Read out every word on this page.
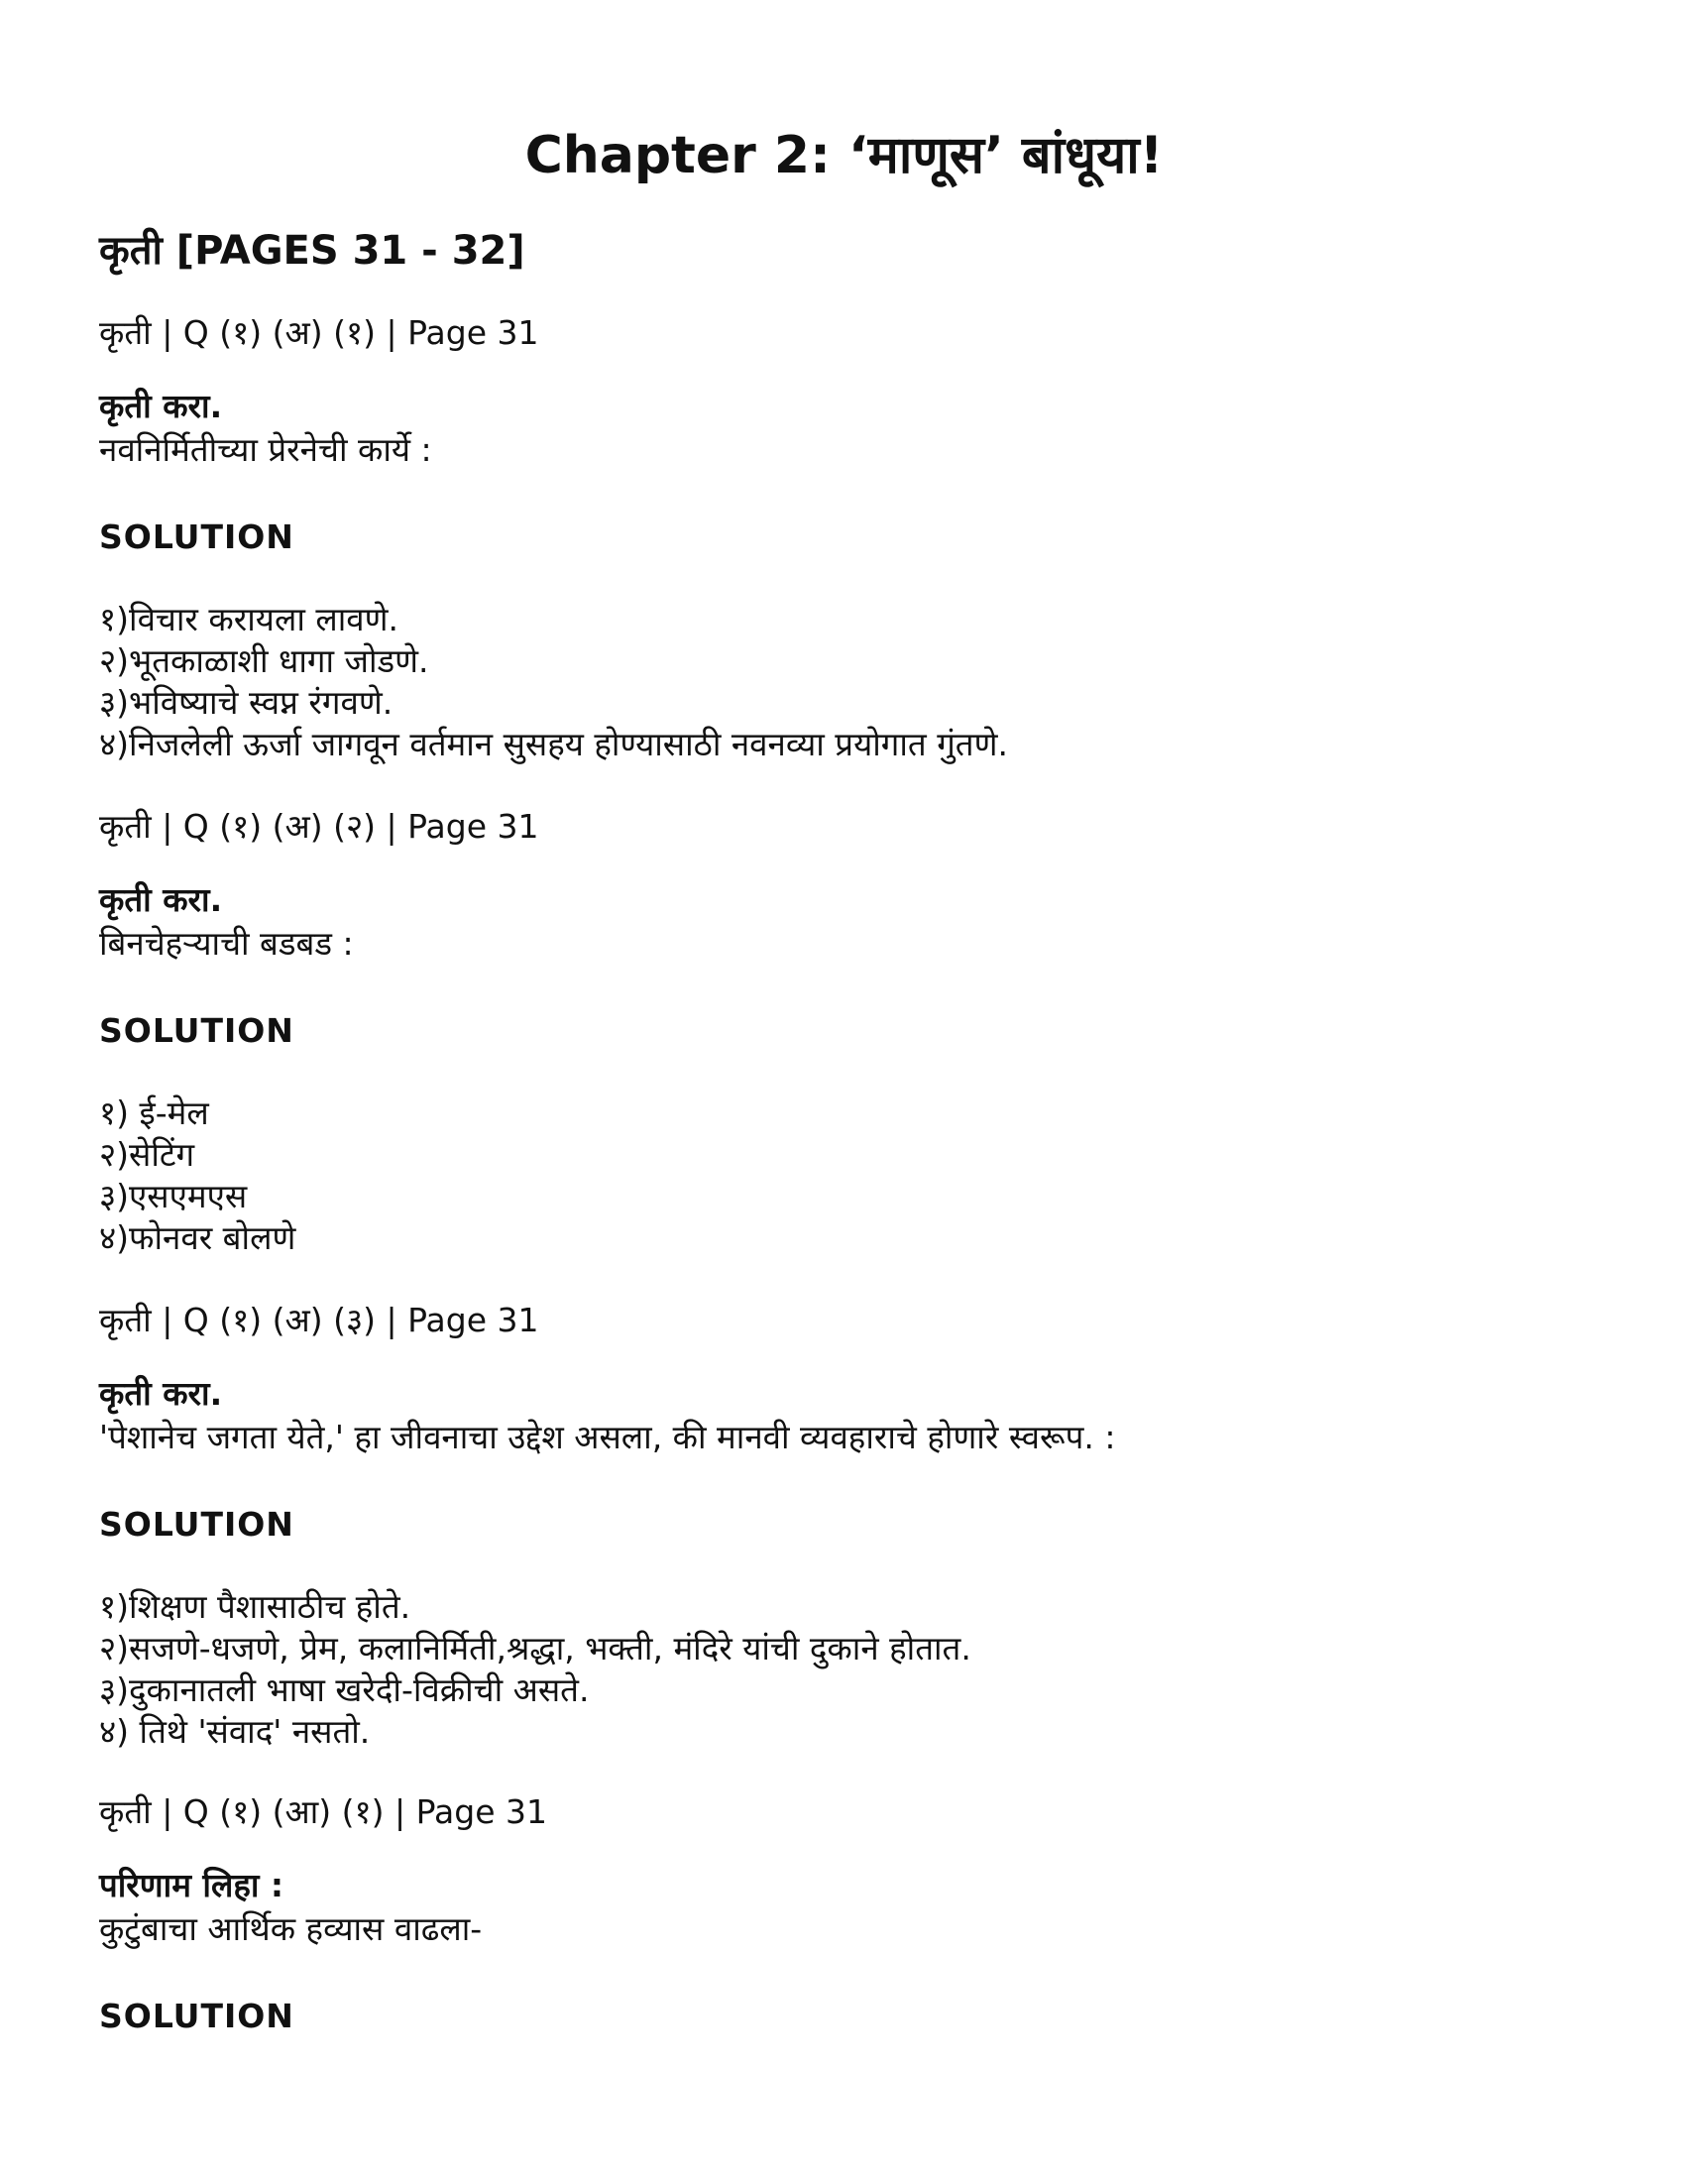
Chapter 2: ‘माणूस’ बांधूया!
कृती [PAGES 31 - 32]
कृती | Q (१) (अ) (१) | Page 31
कृती करा.
नवनिर्मितीच्या प्रेरनेची कार्ये :
SOLUTION
१)विचार करायला लावणे.
२)भूतकाळाशी धागा जोडणे.
३)भविष्याचे स्वप्न रंगवणे.
४)निजलेली ऊर्जा जागवून वर्तमान सुसहय होण्यासाठी नवनव्या प्रयोगात गुंतणे.
कृती | Q (१) (अ) (२) | Page 31
कृती करा.
बिनचेहऱ्याची बडबड :
SOLUTION
१) ई-मेल
२)सेटिंग
३)एसएमएस
४)फोनवर बोलणे
कृती | Q (१) (अ) (३) | Page 31
कृती करा.
'पेशानेच जगता येते,' हा जीवनाचा उद्देश असला, की मानवी व्यवहाराचे होणारे स्वरूप. :
SOLUTION
१)शिक्षण पैशासाठीच होते.
२)सजणे-धजणे, प्रेम, कलानिर्मिती,श्रद्धा, भक्ती, मंदिरे यांची दुकाने होतात.
३)दुकानातली भाषा खरेदी-विक्रीची असते.
४) तिथे 'संवाद' नसतो.
कृती | Q (१) (आ) (१) | Page 31
परिणाम लिहा :
कुटुंबाचा आर्थिक हव्यास वाढला-
SOLUTION
